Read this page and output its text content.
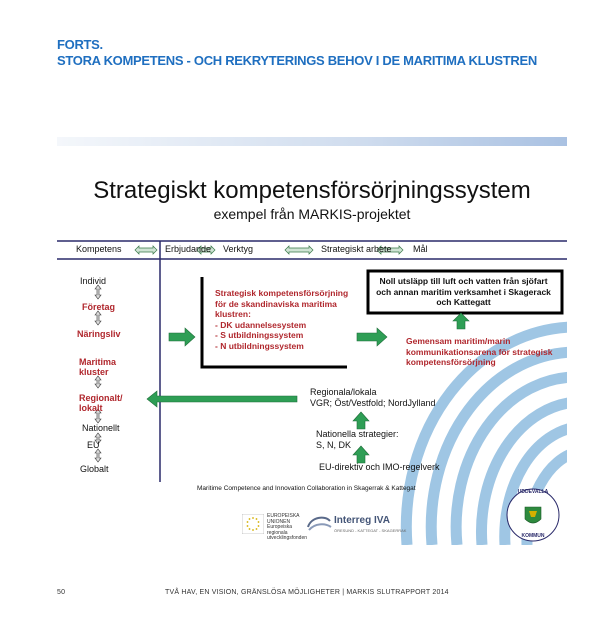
FORTS.
STORA KOMPETENS - OCH REKRYTERINGS BEHOV I DE MARITIMA KLUSTREN
Strategiskt kompetensförsörjningssystem
exempel från MARKIS-projektet
Kompetens	Erbjudande Verktyg	Strategiskt arbete Mål
Individ
Företag
Näringsliv
Maritima
kluster
Regionalt/
lokalt
Nationellt
EU
Globalt
Strategisk kompetensförsörjning
för de skandinaviska maritima
klustren:
- DK udannelsesystem
- S utbildningssystem
- N utbildningssystem
Noll utsläpp till luft och vatten från sjöfart och annan maritim verksamhet i Skagerack och Kattegatt
Gemensam maritim/marin kommunikationsarena för strategisk kompetensförsörjning
Regionala/lokala
VGR; Öst/Vestfold; NordJylland
Nationella strategier:
S, N, DK
EU-direktiv och IMO-regelverk
Maritime Competence and Innovation Collaboration in Skagerrak & Kattegat
EUROPEISKA
UNIONEN
Europeiska
regionala
utvecklingsfonden
Interreg IVA
ÖRESUND - KATTEGAT - SKAGERRAK
UDDEVALLA
KOMMUN
50	TVÅ HAV, EN VISION, GRÄNSLÖSA MÖJLIGHETER | MARKIS SLUTRAPPORT 2014
